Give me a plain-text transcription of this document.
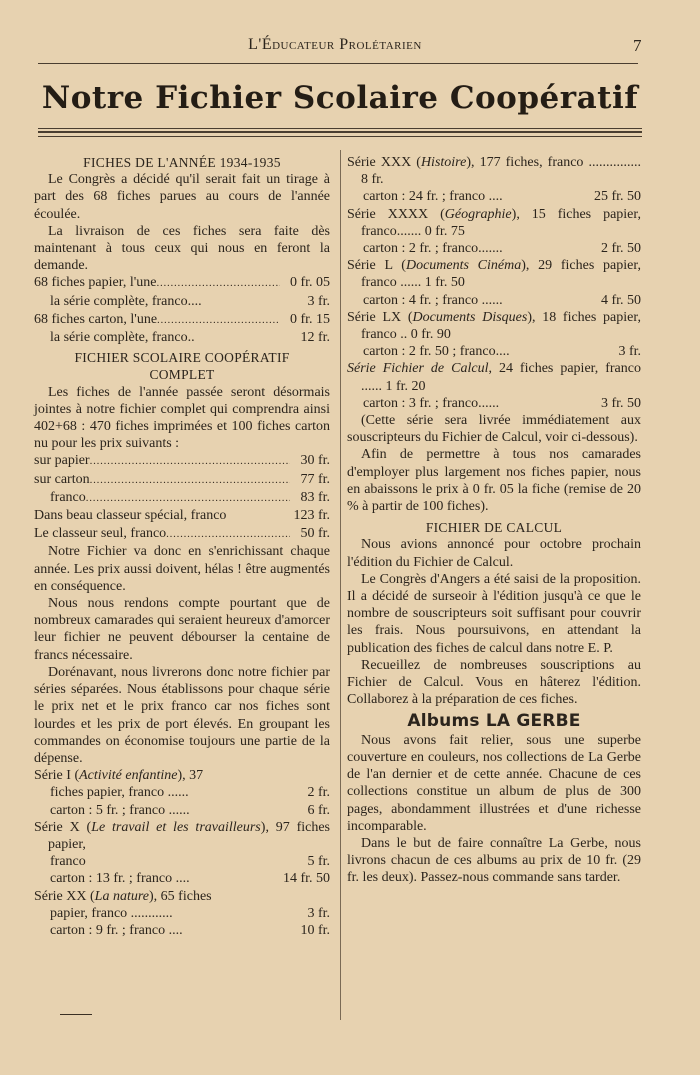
L'Éducateur Prolétarien	7
Notre Fichier Scolaire Coopératif

FICHES DE L'ANNÉE 1934-1935

Le Congrès a décidé qu'il serait fait un tirage à part des 68 fiches parues au cours de l'année écoulée.

La livraison de ces fiches sera faite dès maintenant à tous ceux qui nous en feront la demande.

68 fiches papier, l'une . . .	0 fr. 05
la série complète, franco....	3 fr.
68 fiches carton, l'une . . .	0 fr. 15
la série complète, franco..	12 fr.

FICHIER SCOLAIRE COOPÉRATIF

COMPLET

Les fiches de l'année passée seront désormais jointes à notre fichier complet qui comprendra ainsi 402+68 : 470 fiches imprimées et 100 fiches carton nu pour les prix suivants :

sur papier . . .	30 fr.
sur carton . . .	77 fr.
franco . . .	83 fr.
Dans beau classeur spécial, franco	123 fr.
Le classeur seul, franco . . .	50 fr.

Notre Fichier va donc en s'enrichissant chaque année. Les prix aussi doivent, hélas ! être augmentés en conséquence.

Nous nous rendons compte pourtant que de nombreux camarades qui seraient heureux d'amorcer leur fichier ne peuvent débourser la centaine de francs nécessaire.

Dorénavant, nous livrerons donc notre fichier par séries séparées. Nous établissons pour chaque série le prix net et le prix franco car nos fiches sont lourdes et les prix de port élevés. En groupant les commandes on économise toujours une partie de la dépense.

Série I (Activité enfantine), 37

fiches papier, franco ......	2 fr.
carton : 5 fr. ; franco ......	6 fr.

Série X (Le travail et les travailleurs), 97 fiches papier,

franco	5 fr.
carton : 13 fr. ; franco ....	14 fr. 50

Série XX (La nature), 65 fiches

papier, franco ............	3 fr.
carton : 9 fr. ; franco ....	10 fr.

Série XXX (Histoire), 177 fiches, franco ............... 8 fr.

carton : 24 fr. ; franco ....	25 fr. 50

Série XXXX (Géographie), 15 fiches papier, franco....... 0 fr. 75

carton : 2 fr. ; franco.......	2 fr. 50

Série L (Documents Cinéma), 29 fiches papier, franco ...... 1 fr. 50

carton : 4 fr. ; franco ......	4 fr. 50

Série LX (Documents Disques), 18 fiches papier, franco .. 0 fr. 90

carton : 2 fr. 50 ; franco....	3 fr.

Série Fichier de Calcul, 24 fiches papier, franco ...... 1 fr. 20

carton : 3 fr. ; franco......	3 fr. 50

(Cette série sera livrée immédiatement aux souscripteurs du Fichier de Calcul, voir ci-dessous).

Afin de permettre à tous nos camarades d'employer plus largement nos fiches papier, nous en abaissons le prix à 0 fr. 05 la fiche (remise de 20 % à partir de 100 fiches).

FICHIER DE CALCUL

Nous avions annoncé pour octobre prochain l'édition du Fichier de Calcul.

Le Congrès d'Angers a été saisi de la proposition. Il a décidé de surseoir à l'édition jusqu'à ce que le nombre de souscripteurs soit suffisant pour couvrir les frais. Nous poursuivons, en attendant la publication des fiches de calcul dans notre E. P.

Recueillez de nombreuses souscriptions au Fichier de Calcul. Vous en hâterez l'édition. Collaborez à la préparation de ces fiches.

Albums LA GERBE

Nous avons fait relier, sous une superbe couverture en couleurs, nos collections de La Gerbe de l'an dernier et de cette année. Chacune de ces collections constitue un album de plus de 300 pages, abondamment illustrées et d'une richesse incomparable.

Dans le but de faire connaître La Gerbe, nous livrons chacun de ces albums au prix de 10 fr. (29 fr. les deux). Passez-nous commande sans tarder.
